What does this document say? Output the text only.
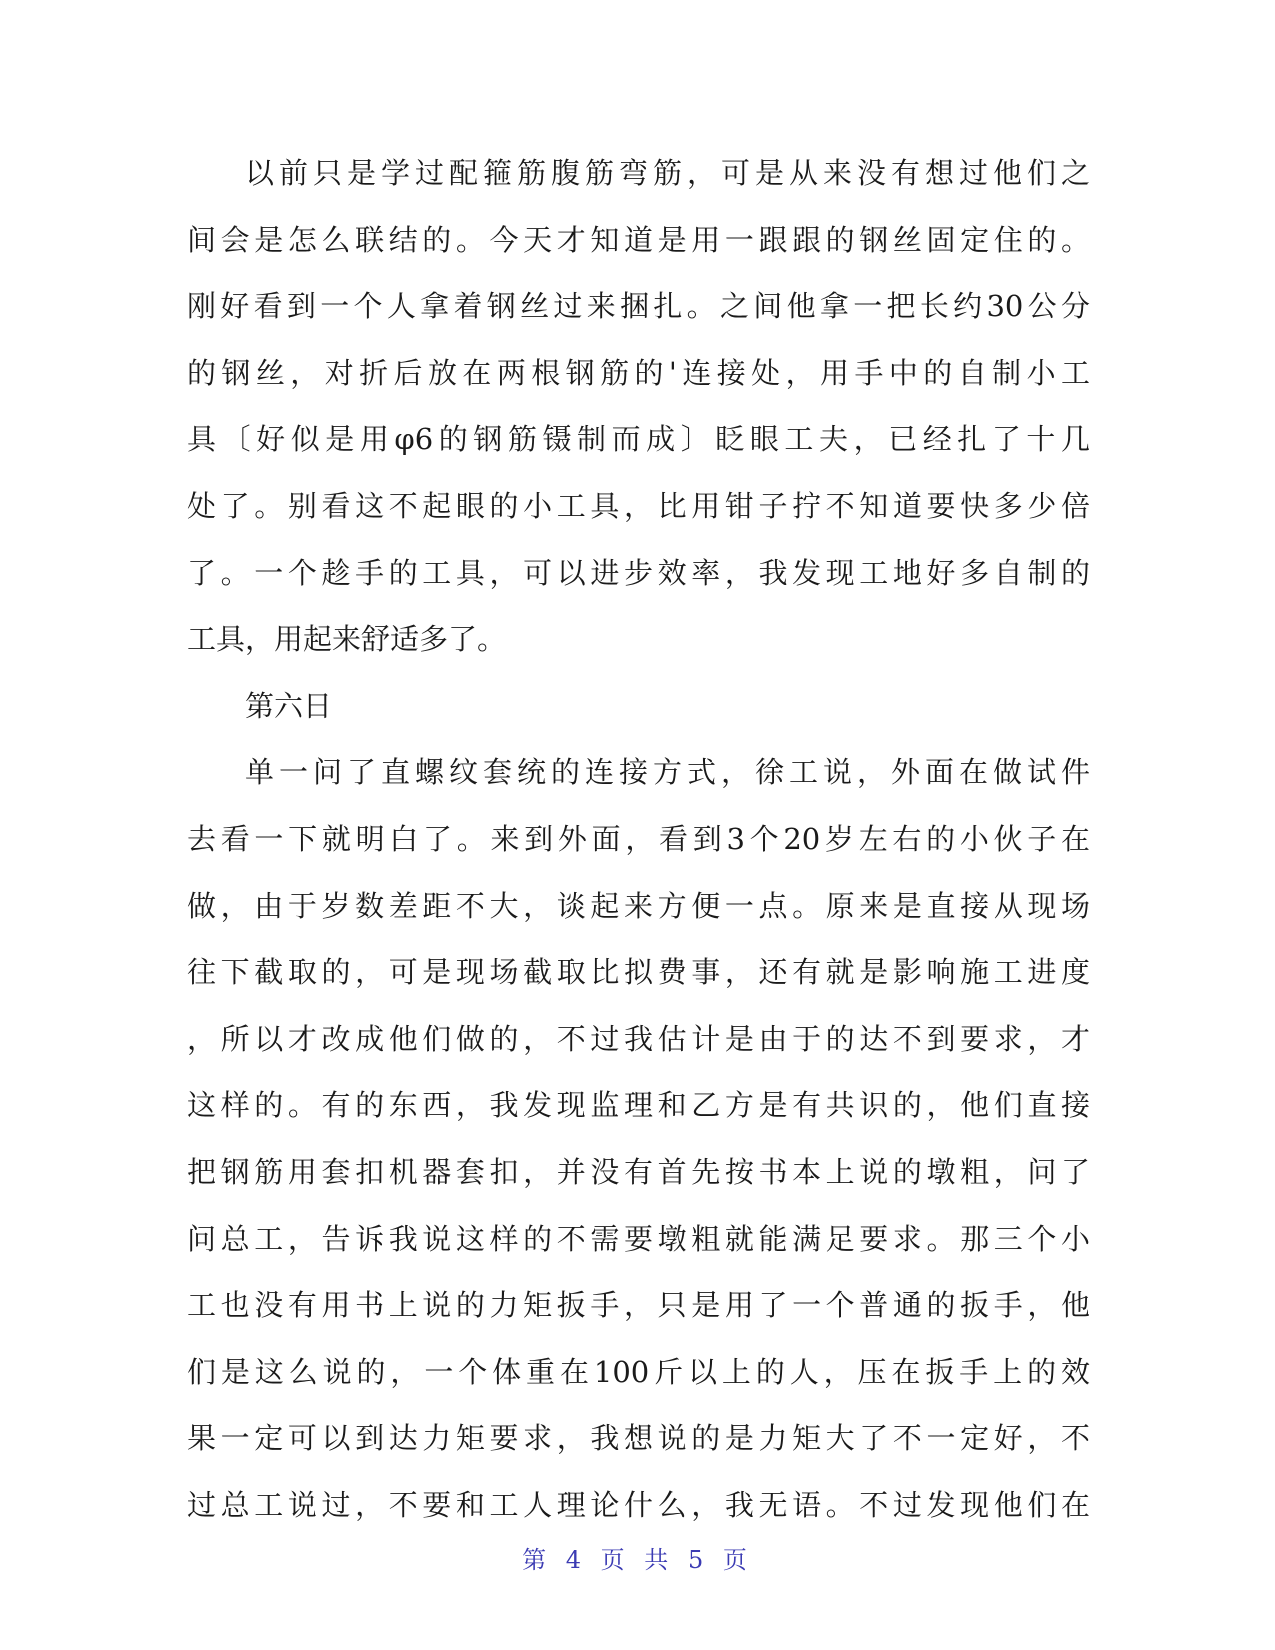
以前只是学过配箍筋腹筋弯筋，可是从来没有想过他们之
间会是怎么联结的。今天才知道是用一跟跟的钢丝固定住的。
刚好看到一个人拿着钢丝过来捆扎。之间他拿一把长约30公分
的钢丝，对折后放在两根钢筋的'连接处，用手中的自制小工
具〔好似是用φ6的钢筋镊制而成〕眨眼工夫，已经扎了十几
处了。别看这不起眼的小工具，比用钳子拧不知道要快多少倍
了。一个趁手的工具，可以进步效率，我发现工地好多自制的
工具，用起来舒适多了。
第六日
单一问了直螺纹套统的连接方式，徐工说，外面在做试件
去看一下就明白了。来到外面，看到3个20岁左右的小伙子在
做，由于岁数差距不大，谈起来方便一点。原来是直接从现场
往下截取的，可是现场截取比拟费事，还有就是影响施工进度
，所以才改成他们做的，不过我估计是由于的达不到要求，才
这样的。有的东西，我发现监理和乙方是有共识的，他们直接
把钢筋用套扣机器套扣，并没有首先按书本上说的墩粗，问了
问总工，告诉我说这样的不需要墩粗就能满足要求。那三个小
工也没有用书上说的力矩扳手，只是用了一个普通的扳手，他
们是这么说的，一个体重在100斤以上的人，压在扳手上的效
果一定可以到达力矩要求，我想说的是力矩大了不一定好，不
过总工说过，不要和工人理论什么，我无语。不过发现他们在
第 4 页 共 5 页
